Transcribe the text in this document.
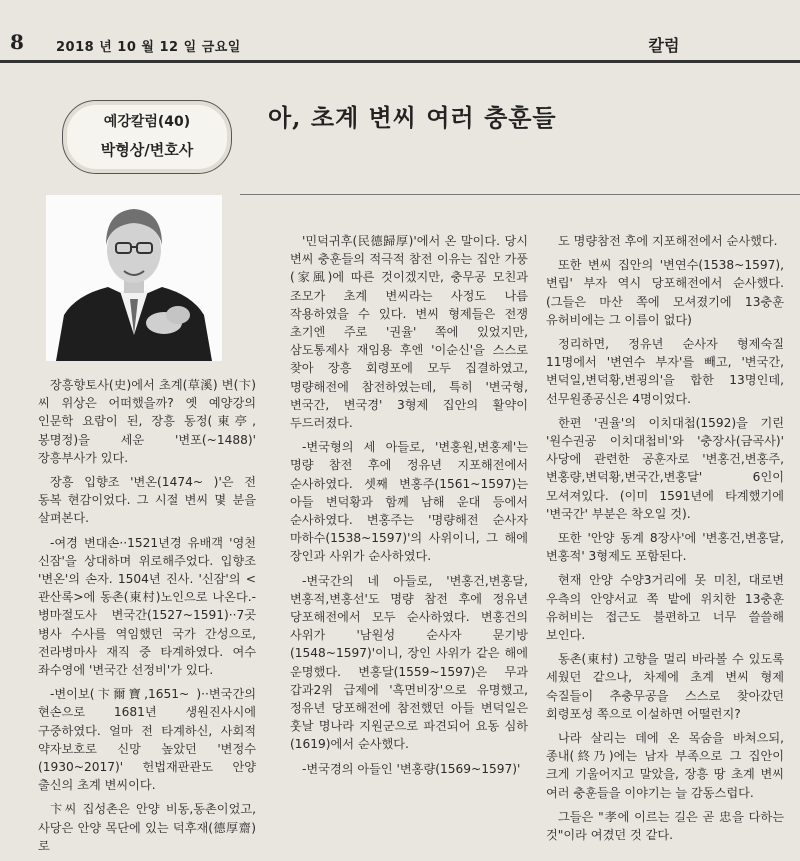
8 2018 년 10 월 12 일 금요일	칼럼
예강칼럼(40)
박형상/변호사
아, 초계 변씨 여러 충훈들

장흥향토사(史)에서 초계(草溪) 변(卞)씨 위상은 어떠했을까? 옛 예양강의 인문학 요람이 된, 장흥 동정(東亭, 봉명정)을 세운 '변포(~1488)' 장흥부사가 있다.

장흥 입향조 '변온(1474~ )'은 전 동복 현감이었다. 그 시절 변씨 몇 분을 살펴본다.

-여경 변대손··1521년경 유배객 '영천 신잠'을 상대하며 위로해주었다. 입향조 '변온'의 손자. 1504년 진사. '신잠'의 <관산록>에 동촌(東村)노인으로 나온다.-병마절도사 변국간(1527~1591)··7곳 병사 수사를 역임했던 국가 간성으로, 전라병마사 재직 중 타계하였다. 여수 좌수영에 '변국간 선정비'가 있다.

-변이보(卞爾寶,1651~ )··변국간의 현손으로 1681년 생원진사시에 구중하였다. 얼마 전 타계하신, 사회적 약자보호로 신망 높았던 '변정수(1930~2017)' 헌법재판관도 안양 출신의 초계 변씨이다.

卞씨 집성촌은 안양 비동,동촌이었고, 사당은 안양 목단에 있는 덕후재(德厚齋)로

'민덕귀후(民德歸厚)'에서 온 말이다. 당시 변씨 충훈들의 적극적 참전 이유는 집안 가풍(家風)에 따른 것이겠지만, 충무공 모친과 조모가 초계 변씨라는 사정도 나름 작용하였을 수 있다. 변씨 형제들은 전쟁 초기엔 주로 '권율' 쪽에 있었지만, 삼도통제사 재임용 후엔 '이순신'을 스스로 찾아 장흥 회령포에 모두 집결하였고, 명량해전에 참전하였는데, 특히 '변국형, 변국간, 변국경' 3형제 집안의 활약이 두드러졌다.

-변국형의 세 아들로, '변홍원,변홍제'는 명량 참전 후에 정유년 지포해전에서 순사하였다. 셋째 변홍주(1561~1597)는 아들 변덕황과 함께 남해 운대 등에서 순사하였다. 변홍주는 '명량해전 순사자 마하수(1538~1597)'의 사위이니, 그 해에 장인과 사위가 순사하였다.

-변국간의 네 아들로, '변홍건,변홍달,변홍적,변홍선'도 명량 참전 후에 정유년 당포해전에서 모두 순사하였다. 변홍건의 사위가 '남원성 순사자 문기방(1548~1597)'이니, 장인 사위가 같은 해에 운명했다. 변홍달(1559~1597)은 무과 갑과2위 급제에 '흑면비장'으로 유명했고, 정유년 당포해전에 참전했던 아들 변덕일은 훗날 명나라 지원군으로 파견되어 요동 심하(1619)에서 순사했다.

-변국경의 아들인 '변홍량(1569~1597)'

도 명량참전 후에 지포해전에서 순사했다.

또한 변씨 집안의 '변연수(1538~1597), 변립' 부자 역시 당포해전에서 순사했다. (그들은 마산 쪽에 모셔졌기에 13충훈 유허비에는 그 이름이 없다)

정리하면, 정유년 순사자 형제숙질 11명에서 '변연수 부자'를 빼고, '변국간,변덕일,변덕황,변굉의'을 합한 13명인데, 선무원종공신은 4명이었다.

한편 '권율'의 이치대첩(1592)을 기린 '원수권공 이치대첩비'와 '충장사(금곡사)' 사당에 관련한 공훈자로 '변홍건,변홍주,변홍량,변덕황,변국간,변홍달' 6인이 모셔져있다. (이미 1591년에 타계했기에 '변국간' 부분은 착오일 것).

또한 '안양 동계 8장사'에 '변홍건,변홍달,변홍적' 3형제도 포함된다.

현재 안양 수양3거리에 못 미친, 대로변 우측의 안양서교 쪽 밭에 위치한 13충훈 유허비는 접근도 불편하고 너무 쓸쓸해 보인다.

동촌(東村) 고향을 멀리 바라볼 수 있도록 세웠던 같으나, 차제에 초계 변씨 형제 숙질들이 추충무공을 스스로 찾아갔던 회령포성 쪽으로 이설하면 어떨런지?

나라 살리는 데에 온 목숨을 바쳐으되, 종내(終乃)에는 남자 부족으로 그 집안이 크게 기울어지고 말았을, 장흥 땅 초계 변씨 여러 충훈들을 이야기는 늘 감동스럽다.

그들은 "孝에 이르는 길은 곧 忠을 다하는 것"이라 여겼던 것 같다.
